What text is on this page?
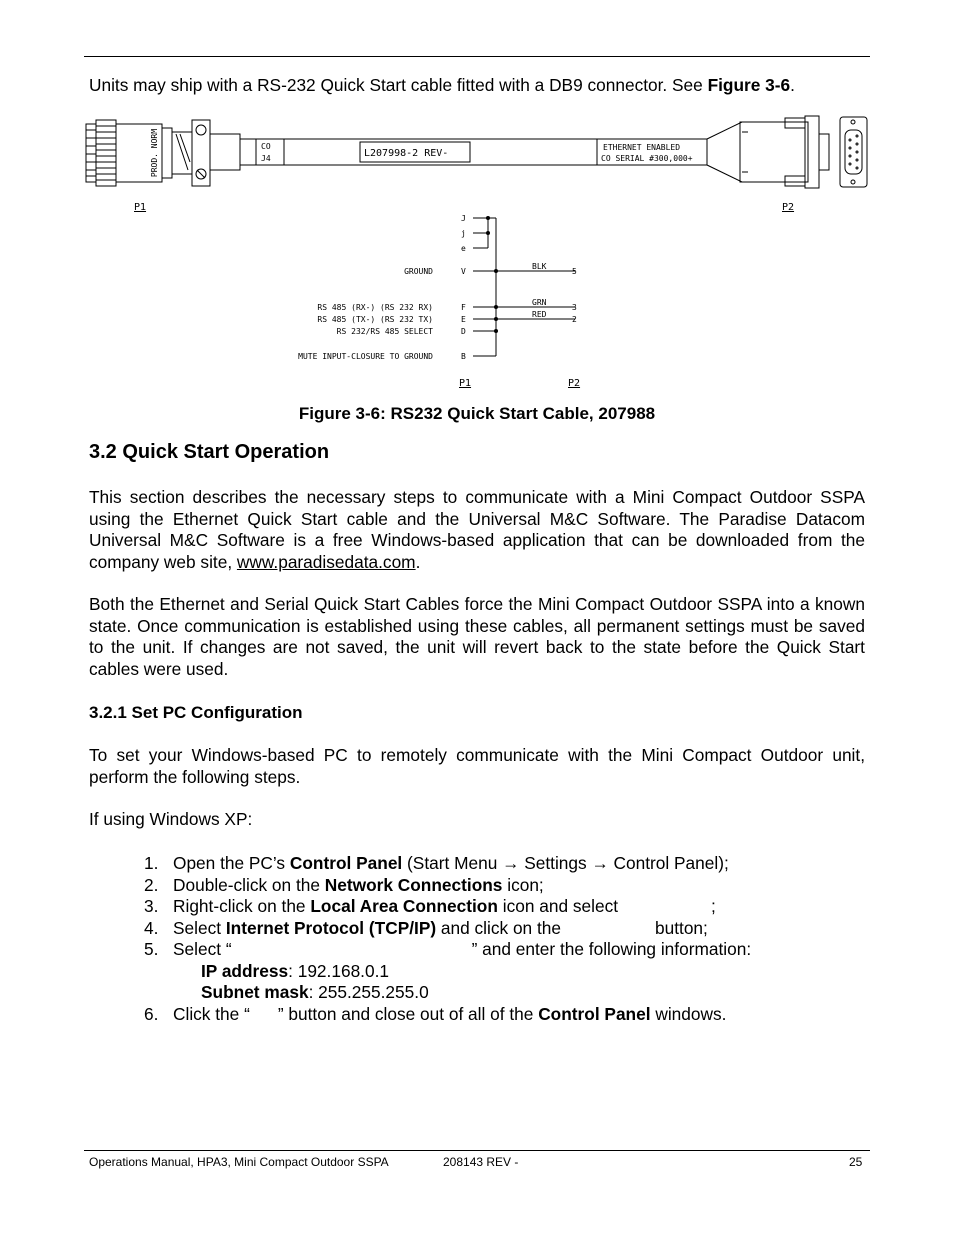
Units may ship with a RS-232 Quick Start cable fitted with a DB9 connector. See Figure 3-6.

PROD. NORM	CO
J4	L207998-2 REV-
ETHERNET ENABLED
CO SERIAL #300,000+
P1	P2
J
j
e
GROUND	V
BLK
5
RS 485 (RX-) (RS 232 RX)	F
GRN
3
RS 485 (TX-) (RS 232 TX)	E
RED
2
RS 232/RS 485 SELECT	D
MUTE INPUT-CLOSURE TO GROUND	B
P1	P2

Figure 3-6: RS232 Quick Start Cable, 207988

3.2 Quick Start Operation

This section describes the necessary steps to communicate with a Mini Compact Outdoor SSPA using the Ethernet Quick Start cable and the Universal M&C Software. The Paradise Datacom Universal M&C Software is a free Windows-based application that can be downloaded from the company web site, www.paradisedata.com.

Both the Ethernet and Serial Quick Start Cables force the Mini Compact Outdoor SSPA into a known state. Once communication is established using these cables, all permanent settings must be saved to the unit. If changes are not saved, the unit will revert back to the state before the Quick Start cables were used.

3.2.1 Set PC Configuration

To set your Windows-based PC to remotely communicate with the Mini Compact Outdoor unit, perform the following steps.

If using Windows XP:

1. Open the PC’s Control Panel (Start Menu → Settings → Control Panel);
2. Double-click on the Network Connections icon;
3. Right-click on the Local Area Connection icon and select	;
4. Select Internet Protocol (TCP/IP) and click on the	button;
5. Select “	” and enter the following information:
IP address: 192.168.0.1
Subnet mask: 255.255.255.0
6. Click the “ ” button and close out of all of the Control Panel windows.
Operations Manual, HPA3, Mini Compact Outdoor SSPA	208143 REV -	25
